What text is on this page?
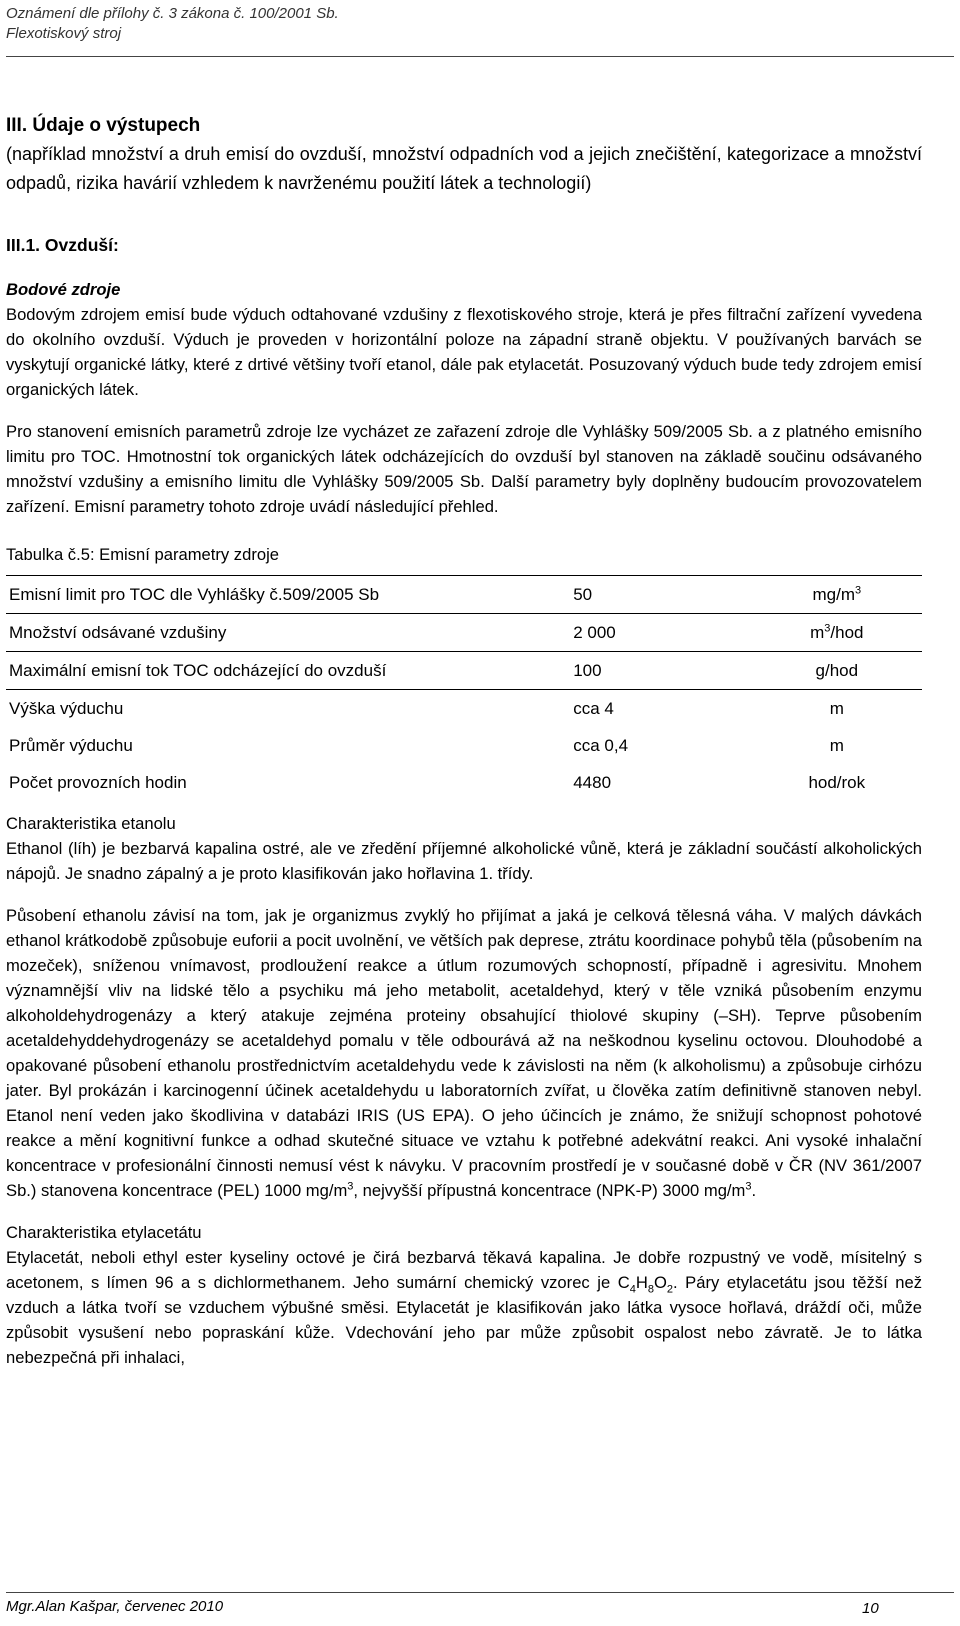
Oznámení dle přílohy č. 3 zákona č. 100/2001 Sb.
Flexotiskový stroj
III. Údaje o výstupech

(například množství a druh emisí do ovzduší, množství odpadních vod a jejich znečištění, kategorizace a množství odpadů, rizika havárií vzhledem k navrženému použití látek a technologií)

III.1. Ovzduší:
Bodové zdroje

Bodovým zdrojem emisí bude výduch odtahované vzdušiny z flexotiskového stroje, která je přes filtrační zařízení vyvedena do okolního ovzduší. Výduch je proveden v horizontální poloze na západní straně objektu. V používaných barvách se vyskytují organické látky, které z drtivé většiny tvoří etanol, dále pak etylacetát. Posuzovaný výduch bude tedy zdrojem emisí organických látek.

Pro stanovení emisních parametrů zdroje lze vycházet ze zařazení zdroje dle Vyhlášky 509/2005 Sb. a z platného emisního limitu pro TOC. Hmotnostní tok organických látek odcházejících do ovzduší byl stanoven na základě součinu odsávaného množství vzdušiny a emisního limitu dle Vyhlášky 509/2005 Sb. Další parametry byly doplněny budoucím provozovatelem zařízení. Emisní parametry tohoto zdroje uvádí následující přehled.

Tabulka č.5: Emisní parametry zdroje
Emisní limit pro TOC dle Vyhlášky č.509/2005 Sb	50	$mg/m^3$
Množství odsávané vzdušiny	2 000	$m^3$/hod
Maximální emisní tok TOC odcházející do ovzduší	100	g/hod
Výška výduchu	cca 4	m
Průměr výduchu	cca 0,4	m
Počet provozních hodin	4480	hod/rok
Charakteristika etanolu

Ethanol (líh) je bezbarvá kapalina ostré, ale ve zředění příjemné alkoholické vůně, která je základní součástí alkoholických nápojů. Je snadno zápalný a je proto klasifikován jako hořlavina 1. třídy.

Působení ethanolu závisí na tom, jak je organizmus zvyklý ho přijímat a jaká je celková tělesná váha. V malých dávkách ethanol krátkodobě způsobuje euforii a pocit uvolnění, ve větších pak deprese, ztrátu koordinace pohybů těla (působením na mozeček), sníženou vnímavost, prodloužení reakce a útlum rozumových schopností, případně i agresivitu. Mnohem významnější vliv na lidské tělo a psychiku má jeho metabolit, acetaldehyd, který v těle vzniká působením enzymu alkoholdehydrogenázy a který atakuje zejména proteiny obsahující thiolové skupiny (–SH). Teprve působením acetaldehyddehydrogenázy se acetaldehyd pomalu v těle odbourává až na neškodnou kyselinu octovou. Dlouhodobé a opakované působení ethanolu prostřednictvím acetaldehydu vede k závislosti na něm (k alkoholismu) a způsobuje cirhózu jater. Byl prokázán i karcinogenní účinek acetaldehydu u laboratorních zvířat, u člověka zatím definitivně stanoven nebyl. Etanol není veden jako škodlivina v databázi IRIS (US EPA). O jeho účincích je známo, že snižují schopnost pohotové reakce a mění kognitivní funkce a odhad skutečné situace ve vztahu k potřebné adekvátní reakci. Ani vysoké inhalační koncentrace v profesionální činnosti nemusí vést k návyku. V pracovním prostředí je v současné době v ČR (NV 361/2007 Sb.) stanovena koncentrace (PEL) 1000 $mg/m^3$, nejvyšší přípustná koncentrace (NPK-P) 3000 $mg/m^3$.

Charakteristika etylacetátu

Etylacetát, neboli ethyl ester kyseliny octové je čirá bezbarvá těkavá kapalina. Je dobře rozpustný ve vodě, mísitelný s acetonem, s límen 96 a s dichlormethanem. Jeho sumární chemický vzorec je $C_4H_8O_2$. Páry etylacetátu jsou těžší než vzduch a látka tvoří se vzduchem výbušné směsi. Etylacetát je klasifikován jako látka vysoce hořlavá, dráždí oči, může způsobit vysušení nebo popraskání kůže. Vdechování jeho par může způsobit ospalost nebo závratě. Je to látka nebezpečná při inhalaci,

Mgr.Alan Kašpar, červenec 2010	10
